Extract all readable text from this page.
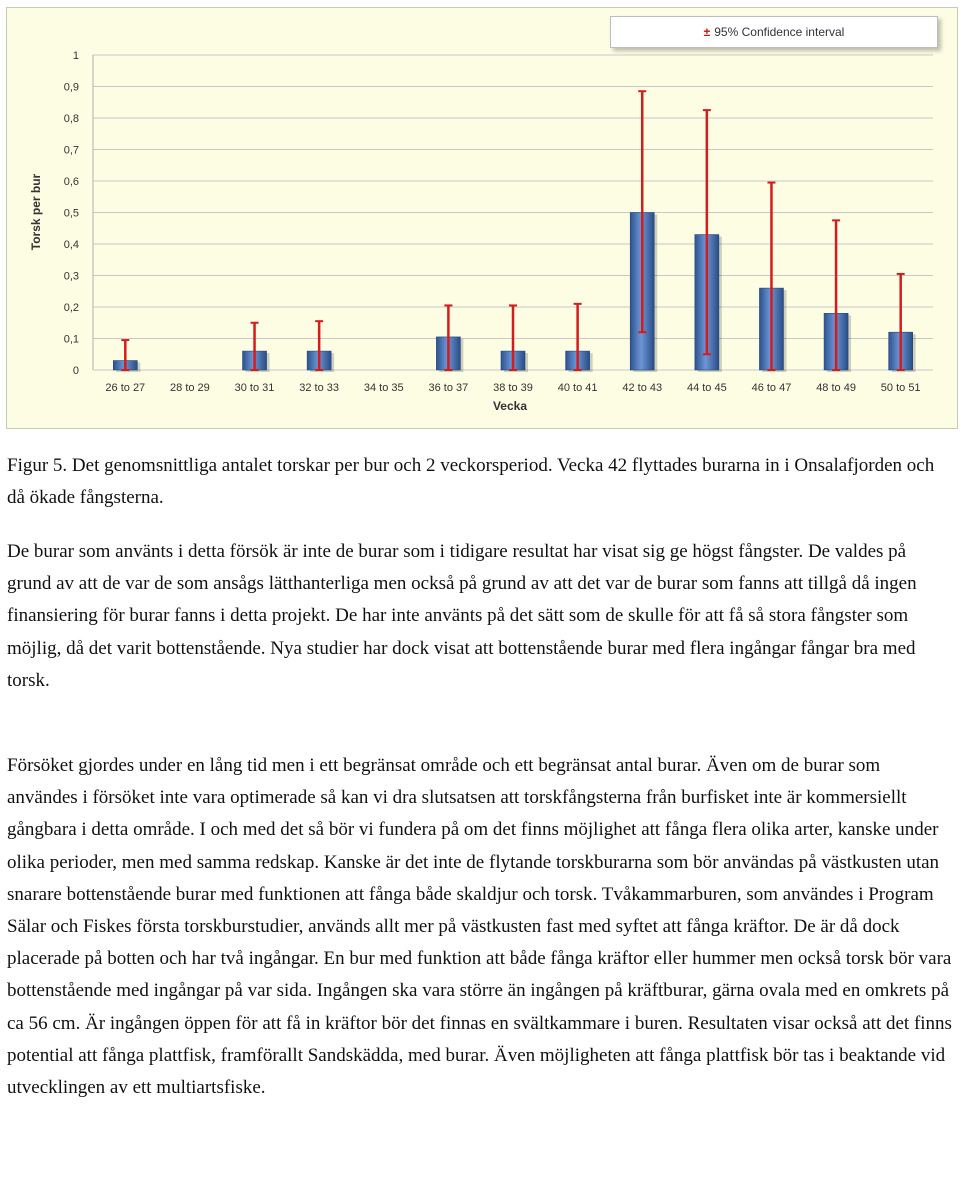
0
0,1
0,2
0,3
0,4
0,5
0,6
0,7
0,8
0,9
1
26 to 27 28 to 29 30 to 31 32 to 33 34 to 35 36 to 37 38 to 39 40 to 41 42 to 43 44 to 45 46 to 47 48 to 49 50 to 51
Torsk per bur
Vecka
± 95% Confidence interval

Figur 5. Det genomsnittliga antalet torskar per bur och 2 veckorsperiod. Vecka 42 flyttades burarna in i Onsalafjorden och då ökade fångsterna.

De burar som använts i detta försök är inte de burar som i tidigare resultat har visat sig ge högst fångster. De valdes på grund av att de var de som ansågs lätthanterliga men också på grund av att det var de burar som fanns att tillgå då ingen finansiering för burar fanns i detta projekt. De har inte använts på det sätt som de skulle för att få så stora fångster som möjlig, då det varit bottenstående. Nya studier har dock visat att bottenstående burar med flera ingångar fångar bra med torsk.

Försöket gjordes under en lång tid men i ett begränsat område och ett begränsat antal burar. Även om de burar som användes i försöket inte vara optimerade så kan vi dra slutsatsen att torskfångsterna från burfisket inte är kommersiellt gångbara i detta område. I och med det så bör vi fundera på om det finns möjlighet att fånga flera olika arter, kanske under olika perioder, men med samma redskap. Kanske är det inte de flytande torskburarna som bör användas på västkusten utan snarare bottenstående burar med funktionen att fånga både skaldjur och torsk. Tvåkammarburen, som användes i Program Sälar och Fiskes första torskburstudier, används allt mer på västkusten fast med syftet att fånga kräftor. De är då dock placerade på botten och har två ingångar. En bur med funktion att både fånga kräftor eller hummer men också torsk bör vara bottenstående med ingångar på var sida. Ingången ska vara större än ingången på kräftburar, gärna ovala med en omkrets på ca 56 cm. Är ingången öppen för att få in kräftor bör det finnas en svältkammare i buren. Resultaten visar också att det finns potential att fånga plattfisk, framförallt Sandskädda, med burar. Även möjligheten att fånga plattfisk bör tas i beaktande vid utvecklingen av ett multiartsfiske.
